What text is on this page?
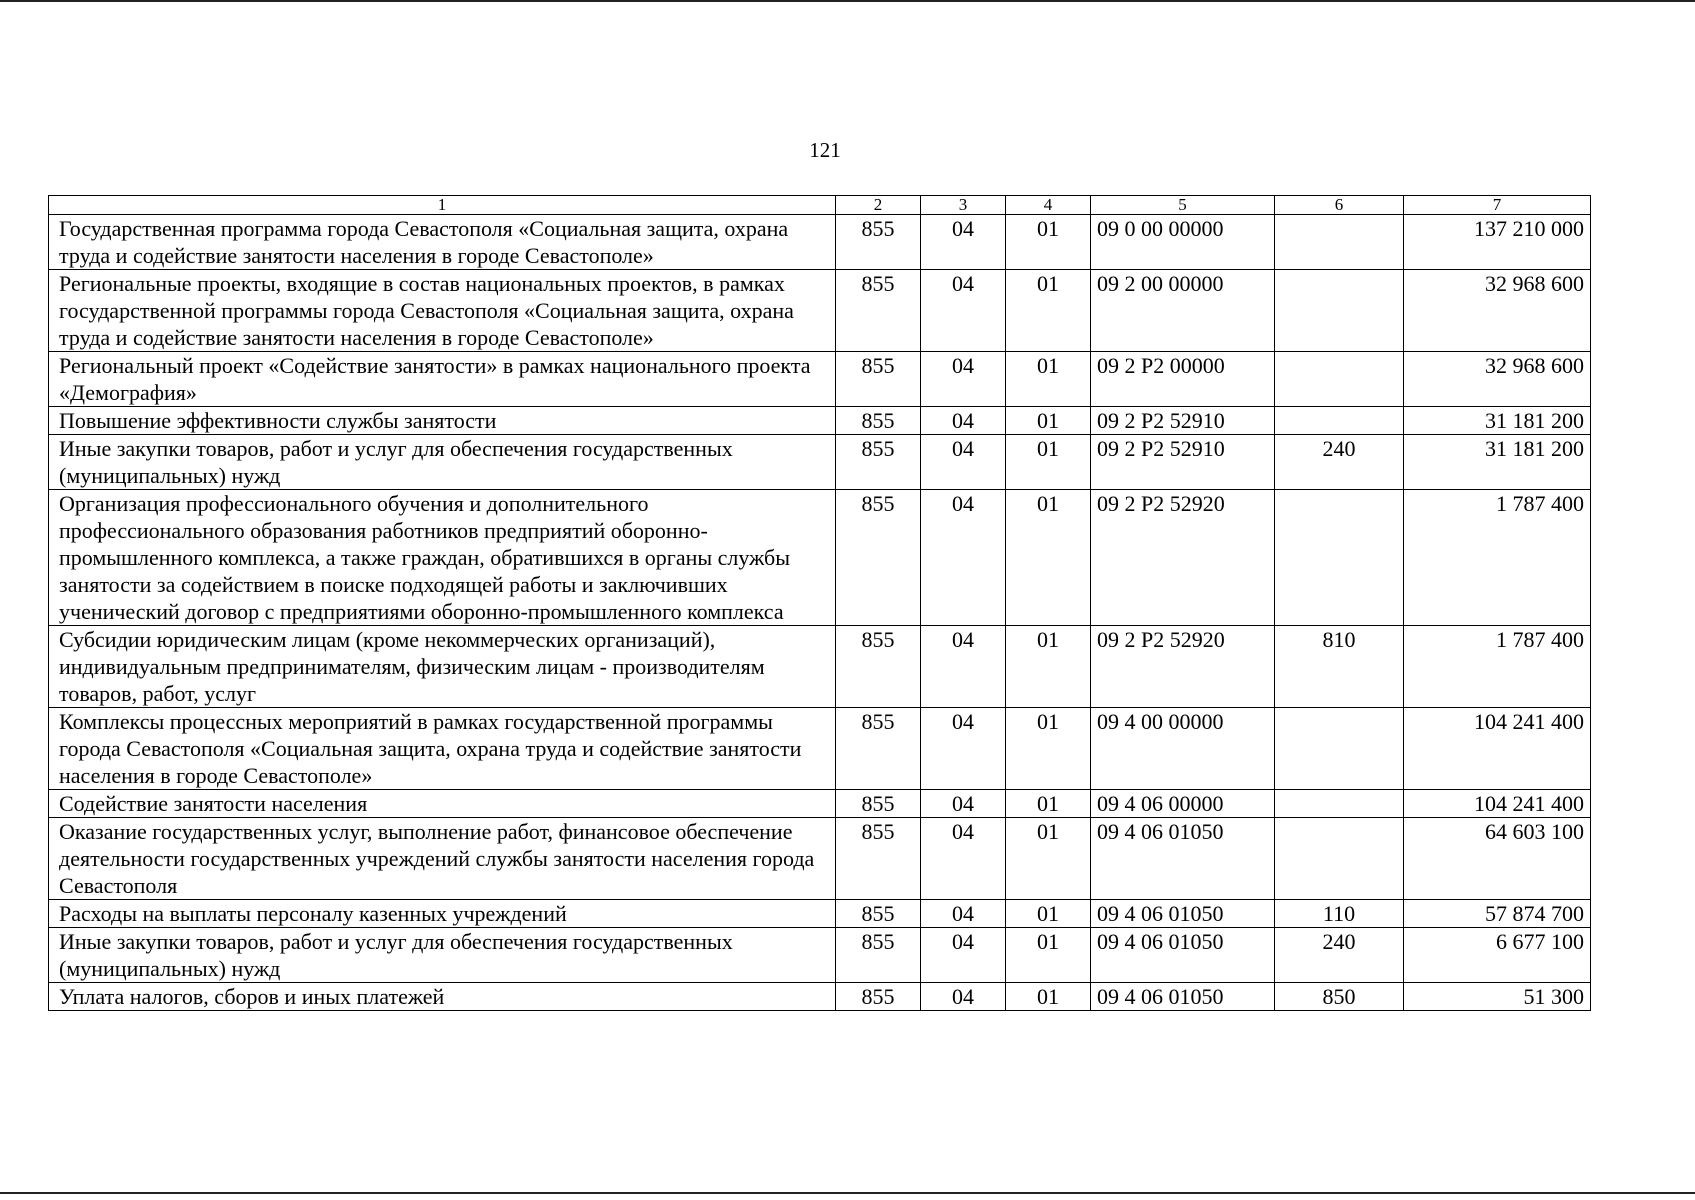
121
1	2	3	4	5	6	7
Государственная программа города Севастополя «Социальная защита, охрана труда и содействие занятости населения в городе Севастополе»	855	04	01	09 0 00 00000		137 210 000
Региональные проекты, входящие в состав национальных проектов, в рамках государственной программы города Севастополя «Социальная защита, охрана труда и содействие занятости населения в городе Севастополе»	855	04	01	09 2 00 00000		32 968 600
Региональный проект «Содействие занятости» в рамках национального проекта «Демография»	855	04	01	09 2 P2 00000		32 968 600
Повышение эффективности службы занятости	855	04	01	09 2 P2 52910		31 181 200
Иные закупки товаров, работ и услуг для обеспечения государственных (муниципальных) нужд	855	04	01	09 2 P2 52910	240	31 181 200
Организация профессионального обучения и дополнительного профессионального образования работников предприятий оборонно-промышленного комплекса, а также граждан, обратившихся в органы службы занятости за содействием в поиске подходящей работы и заключивших ученический договор с предприятиями оборонно-промышленного комплекса	855	04	01	09 2 P2 52920		1 787 400
Субсидии юридическим лицам (кроме некоммерческих организаций), индивидуальным предпринимателям, физическим лицам - производителям товаров, работ, услуг	855	04	01	09 2 P2 52920	810	1 787 400
Комплексы процессных мероприятий в рамках государственной программы города Севастополя «Социальная защита, охрана труда и содействие занятости населения в городе Севастополе»	855	04	01	09 4 00 00000		104 241 400
Содействие занятости населения	855	04	01	09 4 06 00000		104 241 400
Оказание государственных услуг, выполнение работ, финансовое обеспечение деятельности государственных учреждений службы занятости населения города Севастополя	855	04	01	09 4 06 01050		64 603 100
Расходы на выплаты персоналу казенных учреждений	855	04	01	09 4 06 01050	110	57 874 700
Иные закупки товаров, работ и услуг для обеспечения государственных (муниципальных) нужд	855	04	01	09 4 06 01050	240	6 677 100
Уплата налогов, сборов и иных платежей	855	04	01	09 4 06 01050	850	51 300
